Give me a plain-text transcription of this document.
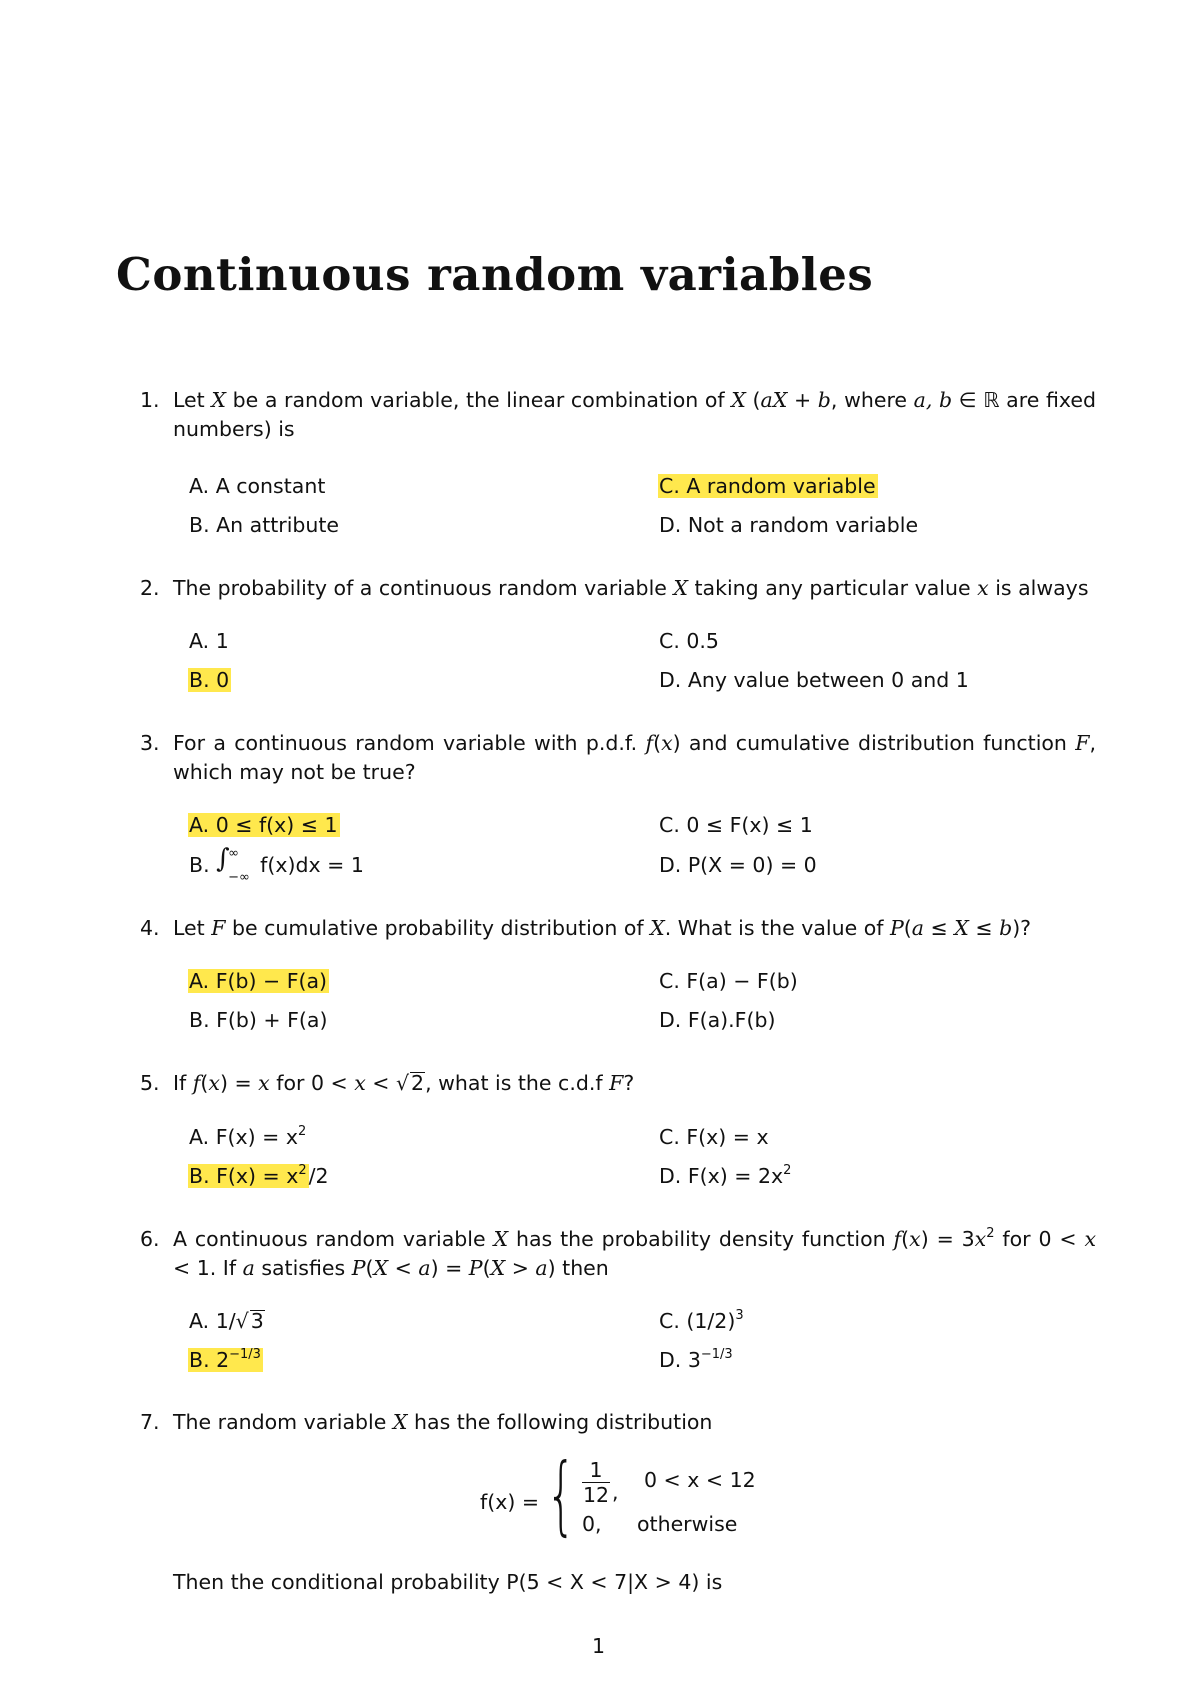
Continuous random variables
1. Let X be a random variable, the linear combination of X (aX + b, where a, b ∈ ℝ are fixed numbers) is
A. A constant
B. An attribute
C. A random variable
D. Not a random variable
2. The probability of a continuous random variable X taking any particular value x is always
A. 1
B. 0
C. 0.5
D. Any value between 0 and 1
3. For a continuous random variable with p.d.f. f(x) and cumulative distribution function F, which may not be true?
A. 0 ≤ f(x) ≤ 1
B. ∫
∞
−∞
f(x)dx = 1
C. 0 ≤ F(x) ≤ 1
D. P(X = 0) = 0
4. Let F be cumulative probability distribution of X. What is the value of P(a ≤ X ≤ b)?
A. F(b) − F(a)
B. F(b) + F(a)
C. F(a) − F(b)
D. F(a).F(b)
5. If f(x) = x for 0 < x < √2, what is the c.d.f F?
A. $F(x) = x^2$
B. $F(x) = x^2/2$
C. F(x) = x
D. $F(x) = 2x^2$
6. A continuous random variable X has the probability density function $f(x) = 3x^2$ for 0 < x < 1. If a satisfies P(X < a) = P(X > a) then
A. 1/√3
B. $2^{-1/3}$
C. $(1/2)^3$
D. $3^{-1/3}$
7. The random variable X has the following distribution
f(x) = { $\frac{1}{12}$ , 0 < x < 12
0, otherwise
Then the conditional probability P(5 < X < 7|X > 4) is
1
